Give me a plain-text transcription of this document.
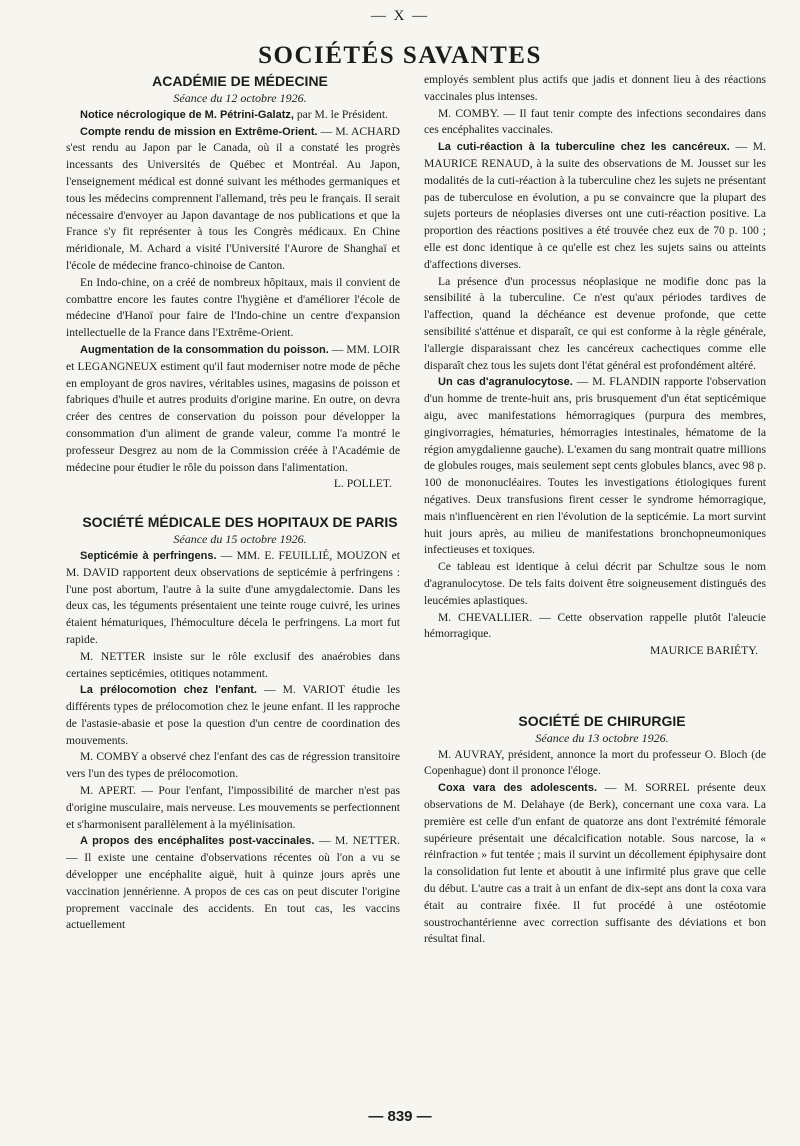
— X —
SOCIÉTÉS SAVANTES

ACADÉMIE DE MÉDECINE

Séance du 12 octobre 1926.

Notice nécrologique de M. Pétrini-Galatz, par M. le Président.

Compte rendu de mission en Extrême-Orient. — M. ACHARD s'est rendu au Japon par le Canada, où il a constaté les progrès incessants des Universités de Québec et Montréal. Au Japon, l'enseignement médical est donné suivant les méthodes germaniques et tous les médecins comprennent l'allemand, très peu le français. Il serait nécessaire d'envoyer au Japon davantage de nos publications et que la France s'y fit représenter à tous les Congrès médicaux. En Chine méridionale, M. Achard a visité l'Université l'Aurore de Shanghaï et l'école de médecine franco-chinoise de Canton.

En Indo-chine, on a créé de nombreux hôpitaux, mais il convient de combattre encore les fautes contre l'hygiène et d'améliorer l'école de médecine d'Hanoï pour faire de l'Indo-chine un centre d'expansion intellectuelle de la France dans l'Extrême-Orient.

Augmentation de la consommation du poisson. — MM. LOIR et LEGANGNEUX estiment qu'il faut moderniser notre mode de pêche en employant de gros navires, véritables usines, magasins de poisson et fabriques d'huile et autres produits d'origine marine. En outre, on devra créer des centres de conservation du poisson pour développer la consommation d'un aliment de grande valeur, comme l'a montré le professeur Desgrez au nom de la Commission créée à l'Académie de médecine pour étudier le rôle du poisson dans l'alimentation.

L. POLLET.

SOCIÉTÉ MÉDICALE DES HOPITAUX DE PARIS

Séance du 15 octobre 1926.

Septicémie à perfringens. — MM. E. FEUILLIÉ, MOUZON et M. DAVID rapportent deux observations de septicémie à perfringens : l'une post abortum, l'autre à la suite d'une amygdalectomie. Dans les deux cas, les téguments présentaient une teinte rouge cuivré, les urines étaient hématuriques, l'hémoculture décela le perfringens. La mort fut rapide.

M. NETTER insiste sur le rôle exclusif des anaérobies dans certaines septicémies, otitiques notamment.

La prélocomotion chez l'enfant. — M. VARIOT étudie les différents types de prélocomotion chez le jeune enfant. Il les rapproche de l'astasie-abasie et pose la question d'un centre de coordination des mouvements.

M. COMBY a observé chez l'enfant des cas de régression transitoire vers l'un des types de prélocomotion.

M. APERT. — Pour l'enfant, l'impossibilité de marcher n'est pas d'origine musculaire, mais nerveuse. Les mouvements se perfectionnent et s'harmonisent parallèlement à la myélinisation.

A propos des encéphalites post-vaccinales. — M. NETTER. — Il existe une centaine d'observations récentes où l'on a vu se développer une encéphalite aiguë, huit à quinze jours après une vaccination jennérienne. A propos de ces cas on peut discuter l'origine proprement vaccinale des accidents. En tout cas, les vaccins actuellement

employés semblent plus actifs que jadis et donnent lieu à des réactions vaccinales plus intenses.

M. COMBY. — Il faut tenir compte des infections secondaires dans ces encéphalites vaccinales.

La cuti-réaction à la tuberculine chez les cancéreux. — M. MAURICE RENAUD, à la suite des observations de M. Jousset sur les modalités de la cuti-réaction à la tuberculine chez les sujets ne présentant pas de tuberculose en évolution, a pu se convaincre que la plupart des sujets porteurs de néoplasies diverses ont une cuti-réaction positive. La proportion des réactions positives a été trouvée chez eux de 70 p. 100 ; elle est donc identique à ce qu'elle est chez les sujets sains ou atteints d'affections diverses.

La présence d'un processus néoplasique ne modifie donc pas la sensibilité à la tuberculine. Ce n'est qu'aux périodes tardives de l'affection, quand la déchéance est devenue profonde, que cette sensibilité s'atténue et disparaît, ce qui est conforme à la règle générale, l'allergie disparaissant chez les cancéreux cachectiques comme elle disparaît chez tous les sujets dont l'état général est profondément altéré.

Un cas d'agranulocytose. — M. FLANDIN rapporte l'observation d'un homme de trente-huit ans, pris brusquement d'un état septicémique aigu, avec manifestations hémorragiques (purpura des membres, gingivorragies, hématuries, hémorragies intestinales, hématome de la région amygdalienne gauche). L'examen du sang montrait quatre millions de globules rouges, mais seulement sept cents globules blancs, avec 98 p. 100 de mononucléaires. Toutes les investigations étiologiques furent négatives. Deux transfusions firent cesser le syndrome hémorragique, mais n'influencèrent en rien l'évolution de la septicémie. La mort survint huit jours après, au milieu de manifestations bronchopneumoniques infectieuses et toxiques.

Ce tableau est identique à celui décrit par Schultze sous le nom d'agranulocytose. De tels faits doivent être soigneusement distingués des leucémies aplastiques.

M. CHEVALLIER. — Cette observation rappelle plutôt l'aleucie hémorragique.

MAURICE BARIÉTY.

SOCIÉTÉ DE CHIRURGIE

Séance du 13 octobre 1926.

M. AUVRAY, président, annonce la mort du professeur O. Bloch (de Copenhague) dont il prononce l'éloge.

Coxa vara des adolescents. — M. SORREL présente deux observations de M. Delahaye (de Berk), concernant une coxa vara. La première est celle d'un enfant de quatorze ans dont l'extrémité fémorale supérieure présentait une décalcification notable. Sous narcose, la « réinfraction » fut tentée ; mais il survint un décollement épiphysaire dont la consolidation fut lente et aboutit à une infirmité plus grave que celle du début. L'autre cas a trait à un enfant de dix-sept ans dont la coxa vara était au contraire fixée. Il fut procédé à une ostéotomie soustrochantérienne avec correction suffisante des déviations et bon résultat final.

— 839 —
